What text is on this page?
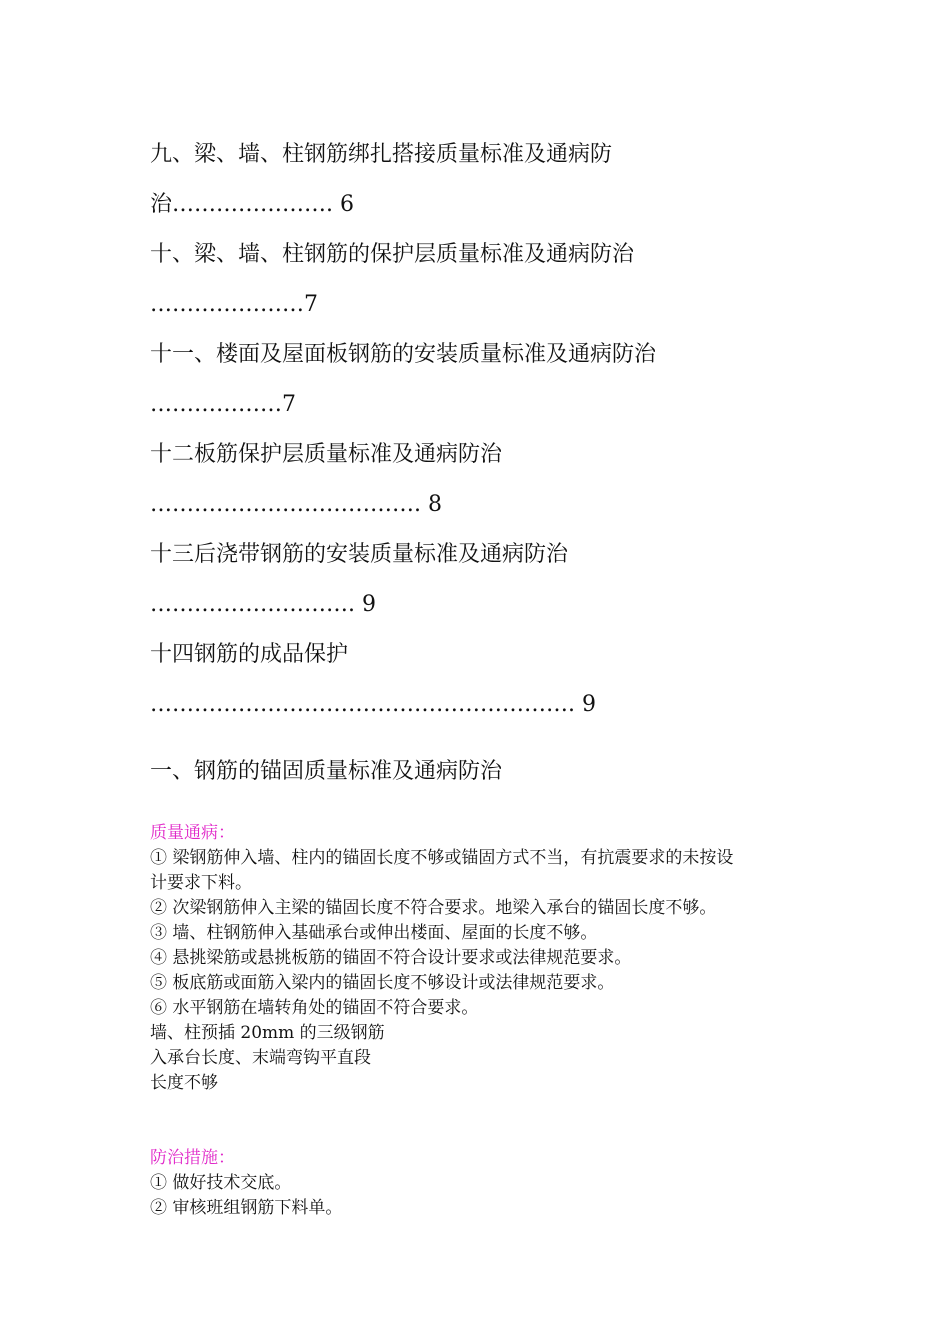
九、梁、墙、柱钢筋绑扎搭接质量标准及通病防
治…………………. 6
十、梁、墙、柱钢筋的保护层质量标准及通病防治
…………………7
十一、楼面及屋面板钢筋的安装质量标准及通病防治
………………7
十二板筋保护层质量标准及通病防治
………………………………. 8
十三后浇带钢筋的安装质量标准及通病防治
………………………. 9
十四钢筋的成品保护
…………………………………………………. 9
一、钢筋的锚固质量标准及通病防治
质量通病：
① 梁钢筋伸入墙、柱内的锚固长度不够或锚固方式不当，有抗震要求的未按设
计要求下料。
② 次梁钢筋伸入主梁的锚固长度不符合要求。地梁入承台的锚固长度不够。
③ 墙、柱钢筋伸入基础承台或伸出楼面、屋面的长度不够。
④ 悬挑梁筋或悬挑板筋的锚固不符合设计要求或法律规范要求。
⑤ 板底筋或面筋入梁内的锚固长度不够设计或法律规范要求。
⑥ 水平钢筋在墙转角处的锚固不符合要求。
墙、柱预插 20mm 的三级钢筋
入承台长度、末端弯钩平直段
长度不够
防治措施：
① 做好技术交底。
② 审核班组钢筋下料单。
